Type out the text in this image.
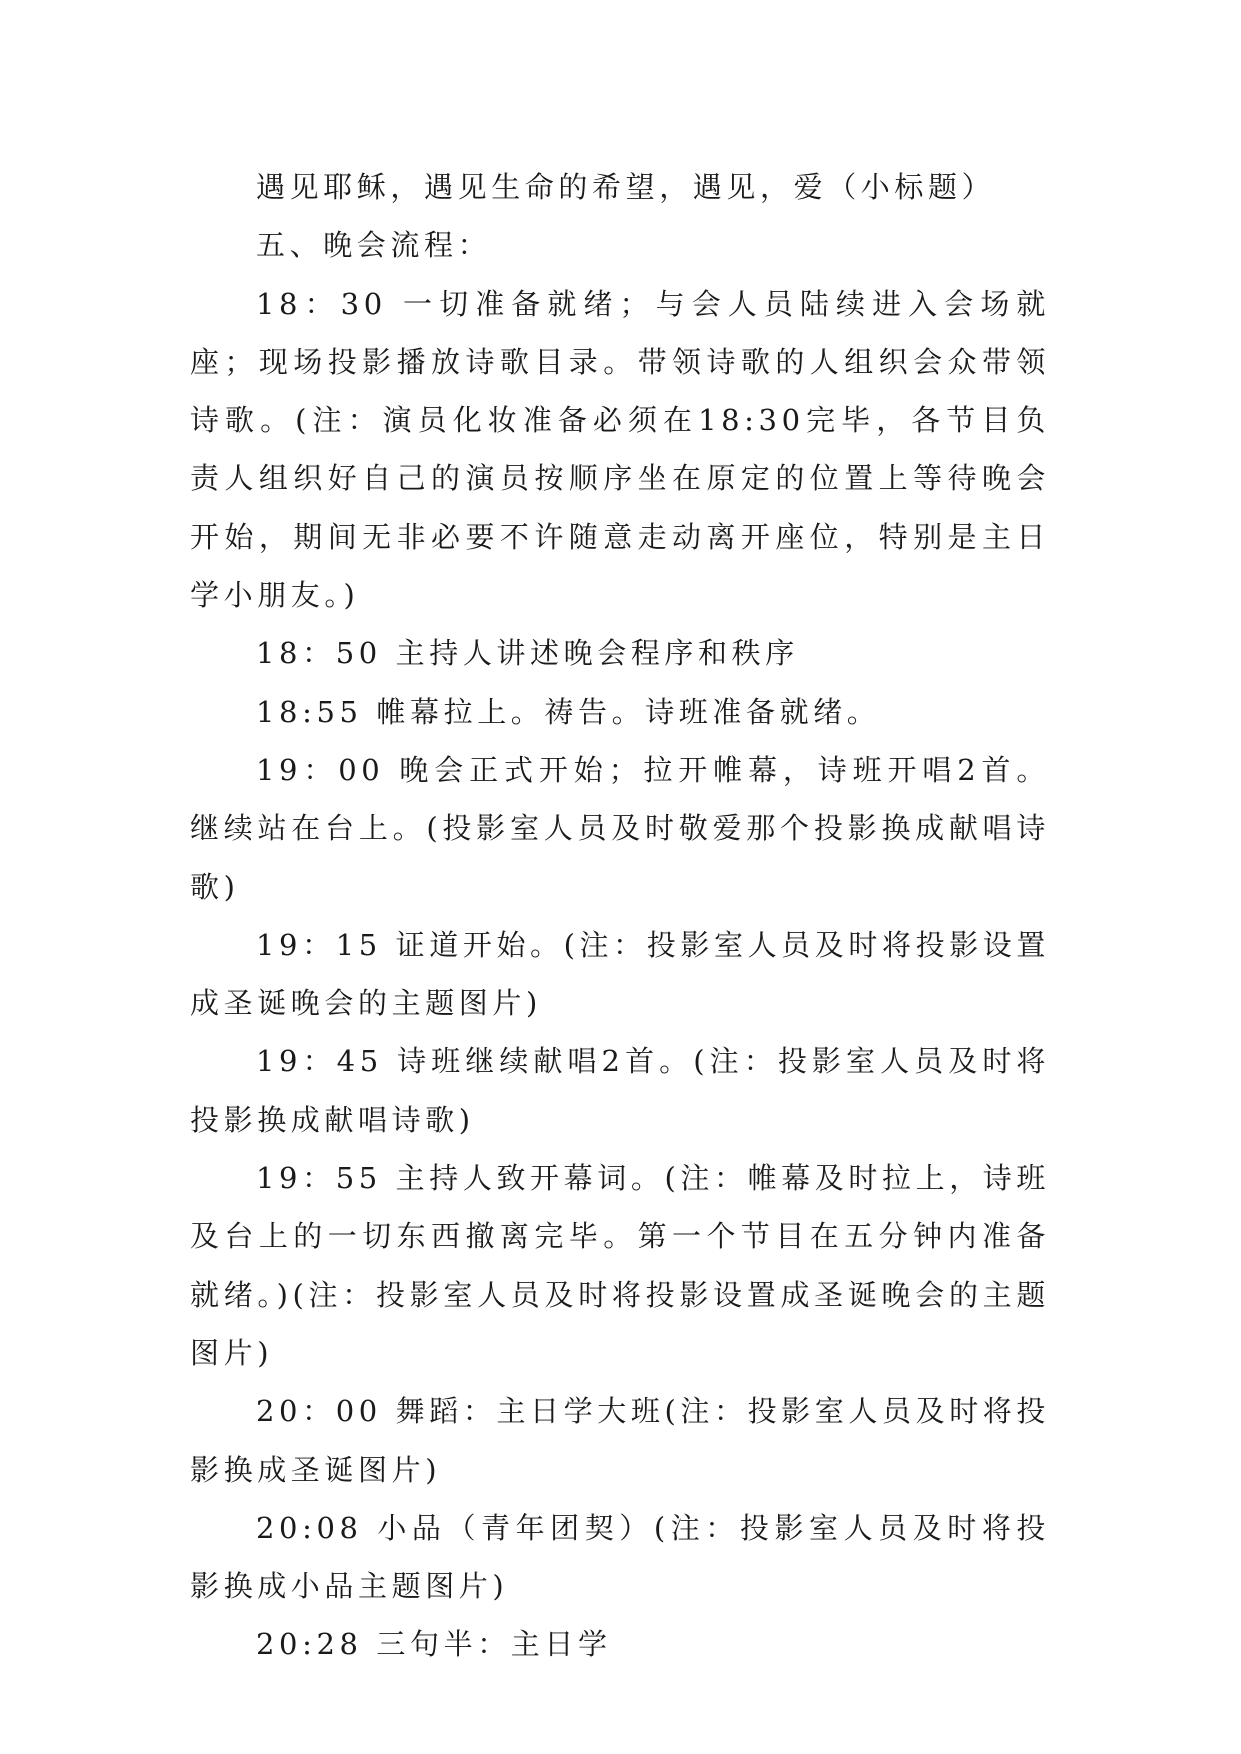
遇见耶稣，遇见生命的希望，遇见，爱（小标题）

五、晚会流程：

18：30 一切准备就绪；与会人员陆续进入会场就座；现场投影播放诗歌目录。带领诗歌的人组织会众带领诗歌。(注：演员化妆准备必须在18:30完毕，各节目负责人组织好自己的演员按顺序坐在原定的位置上等待晚会开始，期间无非必要不许随意走动离开座位，特别是主日学小朋友。)

18：50 主持人讲述晚会程序和秩序

18:55 帷幕拉上。祷告。诗班准备就绪。

19：00 晚会正式开始；拉开帷幕，诗班开唱2首。继续站在台上。(投影室人员及时敬爱那个投影换成献唱诗歌)

19：15 证道开始。(注：投影室人员及时将投影设置成圣诞晚会的主题图片)

19：45 诗班继续献唱2首。(注：投影室人员及时将投影换成献唱诗歌)

19：55 主持人致开幕词。(注：帷幕及时拉上，诗班及台上的一切东西撤离完毕。第一个节目在五分钟内准备就绪。)(注：投影室人员及时将投影设置成圣诞晚会的主题图片)

20：00 舞蹈：主日学大班(注：投影室人员及时将投影换成圣诞图片)

20:08 小品（青年团契）(注：投影室人员及时将投影换成小品主题图片)

20:28 三句半：主日学
